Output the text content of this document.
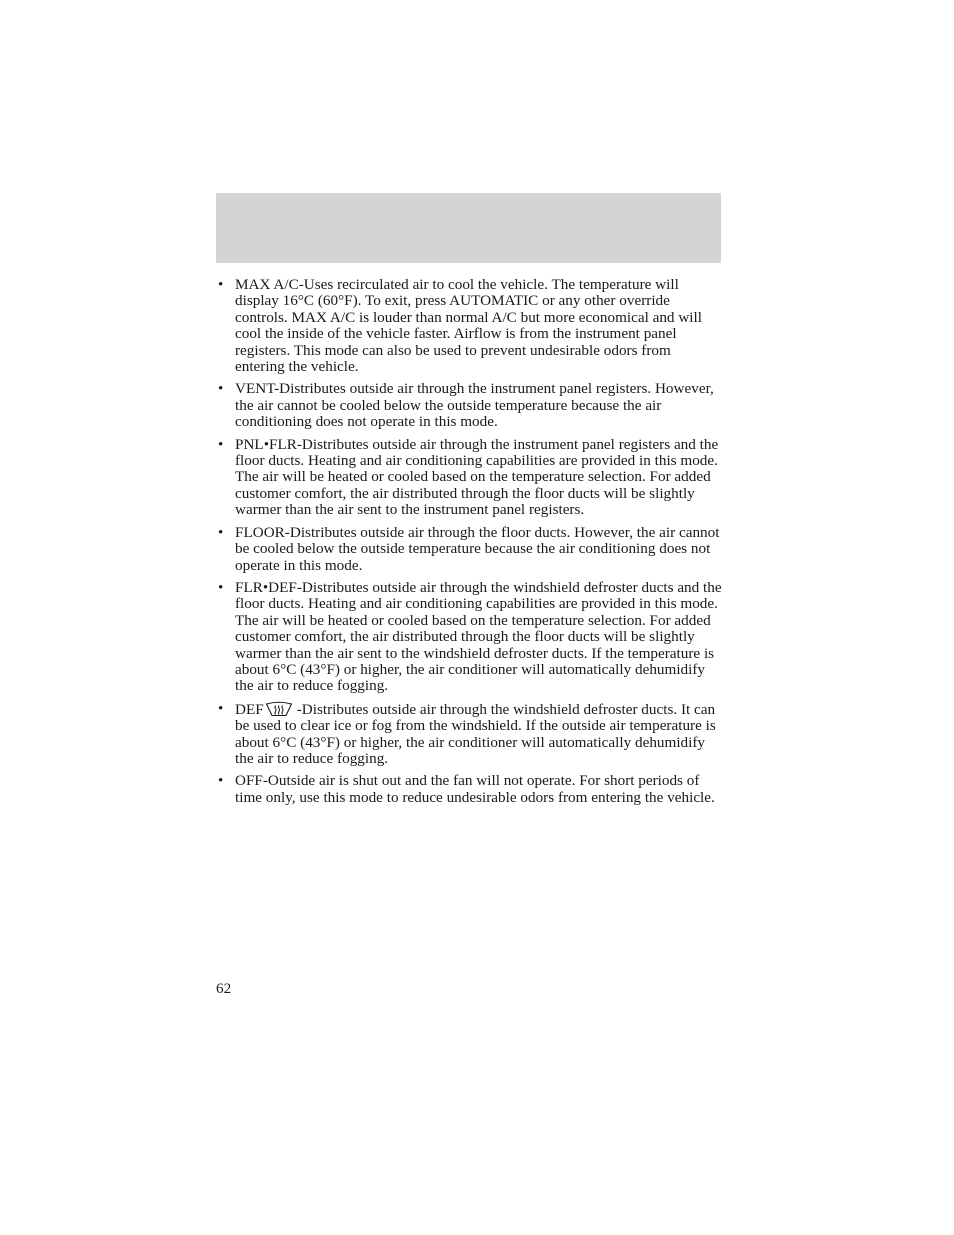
• MAX A/C-Uses recirculated air to cool the vehicle. The temperature will display 16°C (60°F). To exit, press AUTOMATIC or any other override controls. MAX A/C is louder than normal A/C but more economical and will cool the inside of the vehicle faster. Airflow is from the instrument panel registers. This mode can also be used to prevent undesirable odors from entering the vehicle.
• VENT-Distributes outside air through the instrument panel registers. However, the air cannot be cooled below the outside temperature because the air conditioning does not operate in this mode.
• PNL•FLR-Distributes outside air through the instrument panel registers and the floor ducts. Heating and air conditioning capabilities are provided in this mode. The air will be heated or cooled based on the temperature selection. For added customer comfort, the air distributed through the floor ducts will be slightly warmer than the air sent to the instrument panel registers.
• FLOOR-Distributes outside air through the floor ducts. However, the air cannot be cooled below the outside temperature because the air conditioning does not operate in this mode.
• FLR•DEF-Distributes outside air through the windshield defroster ducts and the floor ducts. Heating and air conditioning capabilities are provided in this mode. The air will be heated or cooled based on the temperature selection. For added customer comfort, the air distributed through the floor ducts will be slightly warmer than the air sent to the windshield defroster ducts. If the temperature is about 6°C (43°F) or higher, the air conditioner will automatically dehumidify the air to reduce fogging.
• DEF -Distributes outside air through the windshield defroster ducts. It can be used to clear ice or fog from the windshield. If the outside air temperature is about 6°C (43°F) or higher, the air conditioner will automatically dehumidify the air to reduce fogging.
• OFF-Outside air is shut out and the fan will not operate. For short periods of time only, use this mode to reduce undesirable odors from entering the vehicle.
62
